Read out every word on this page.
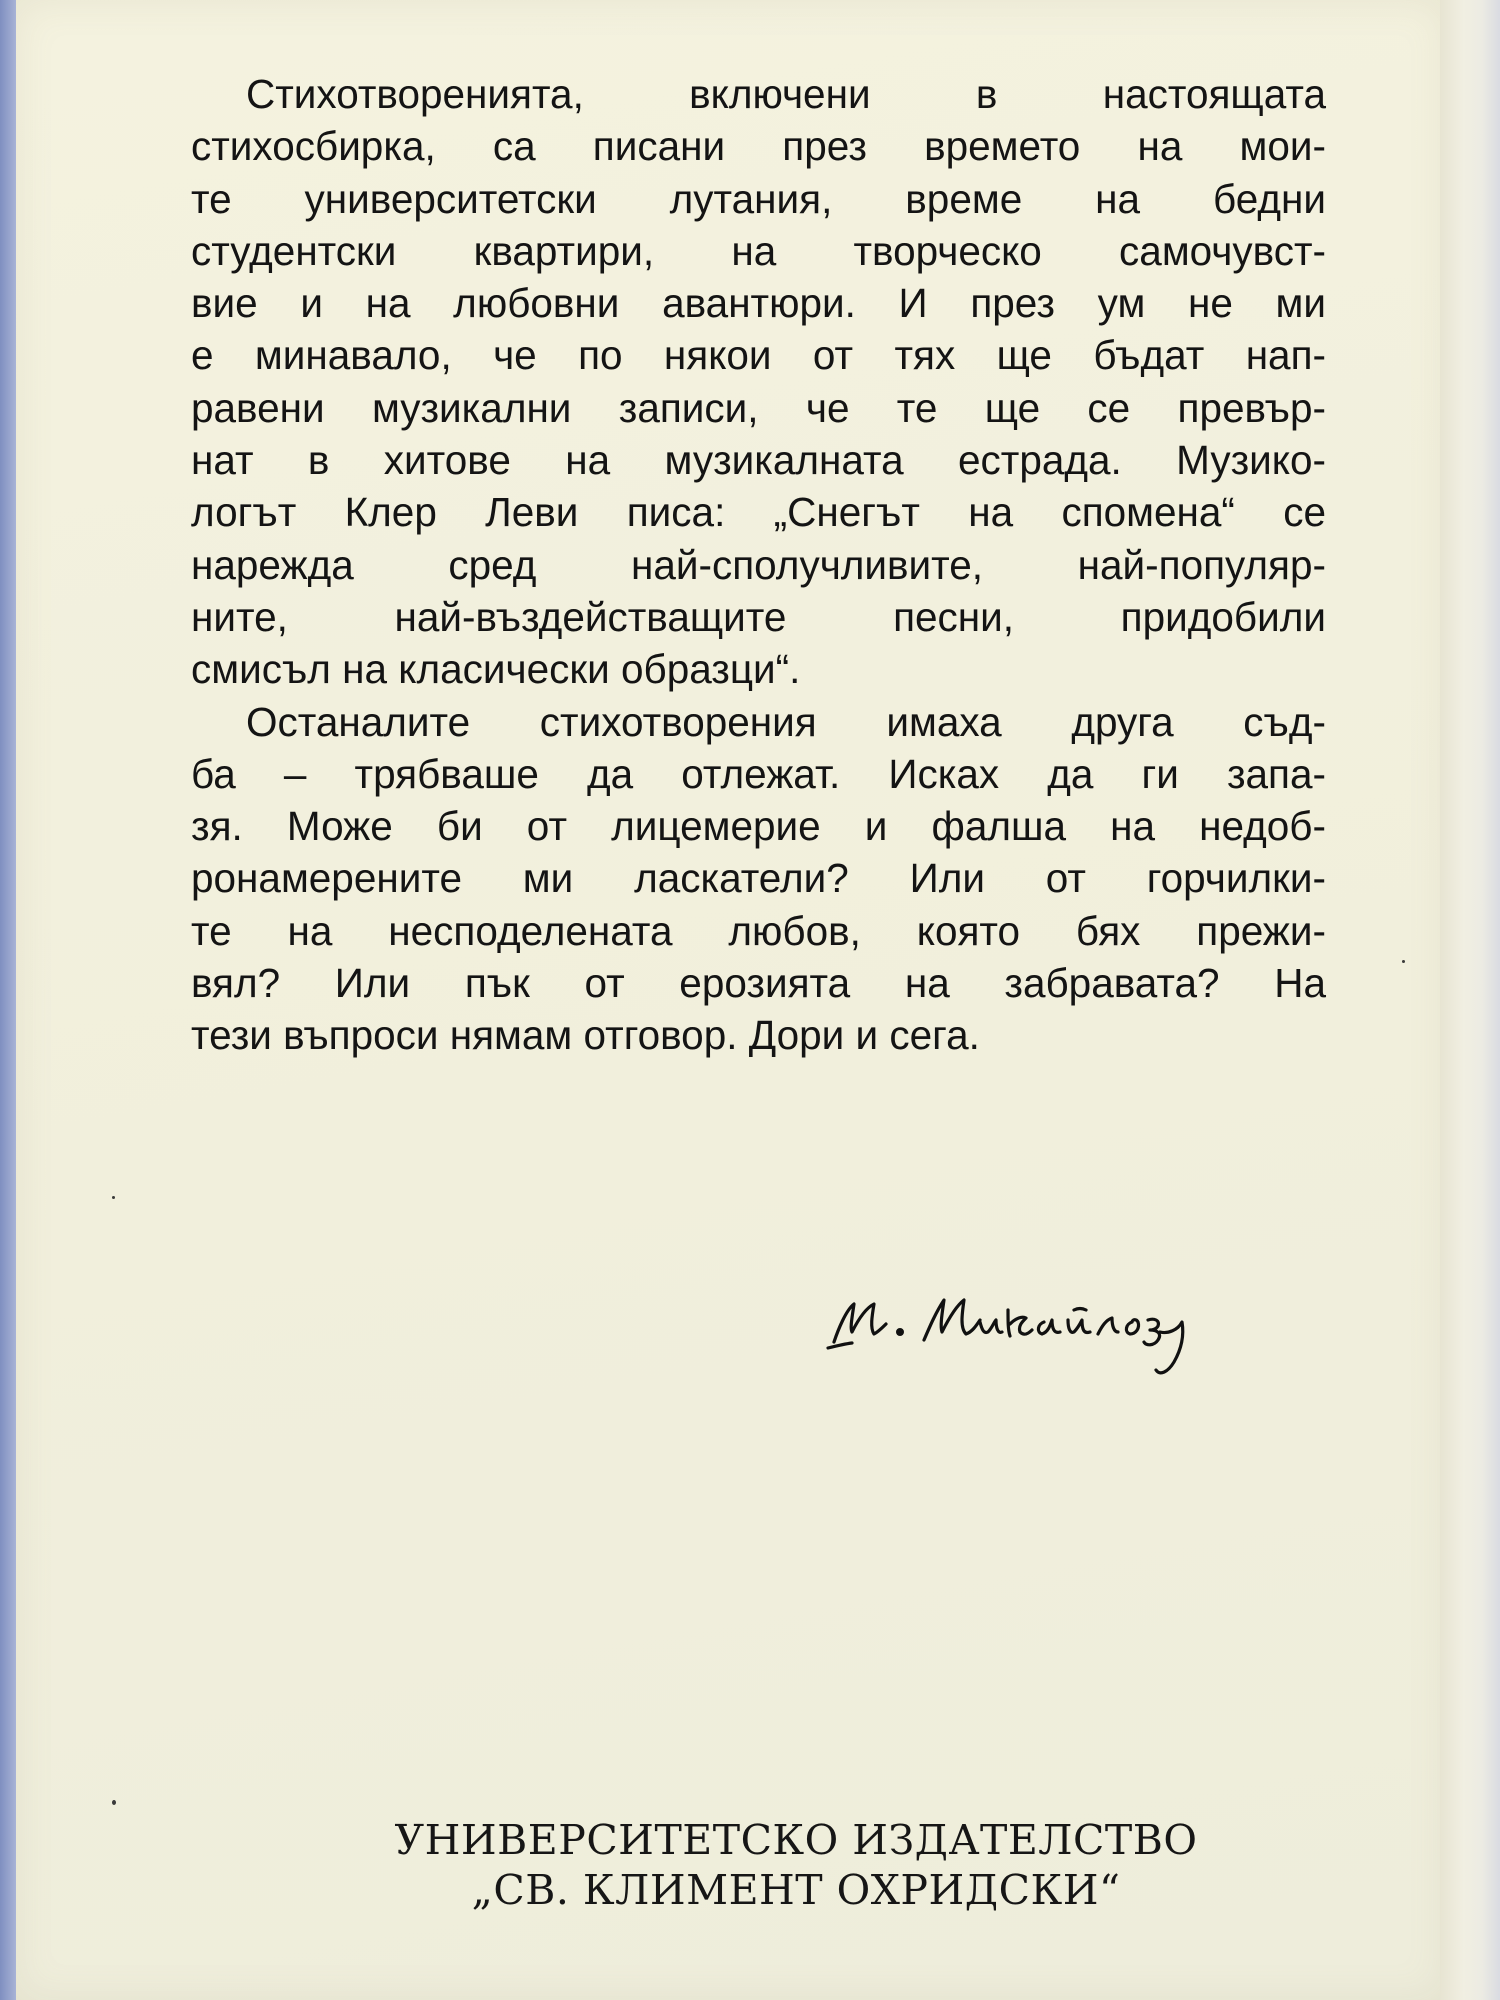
Стихотворенията, включени в настоящата
стихосбирка, са писани през времето на мои-
те университетски лутания, време на бедни
студентски квартири, на творческо самочувст-
вие и на любовни авантюри. И през ум не ми
е минавало, че по някои от тях ще бъдат нап-
равени музикални записи, че те ще се превър-
нат в хитове на музикалната естрада. Музико-
логът Клер Леви писа: „Снегът на спомена“ се
нарежда сред най-сполучливите, най-популяр-
ните, най-въздействащите песни, придобили
смисъл на класически образци“.
Останалите стихотворения имаха друга съд-
ба – трябваше да отлежат. Исках да ги запа-
зя. Може би от лицемерие и фалша на недоб-
ронамерените ми ласкатели? Или от горчилки-
те на несподелената любов, която бях прежи-
вял? Или пък от ерозията на забравата? На
тези въпроси нямам отговор. Дори и сега.
УНИВЕРСИТЕТСКО ИЗДАТЕЛСТВО
„СВ. КЛИМЕНТ ОХРИДСКИ“
